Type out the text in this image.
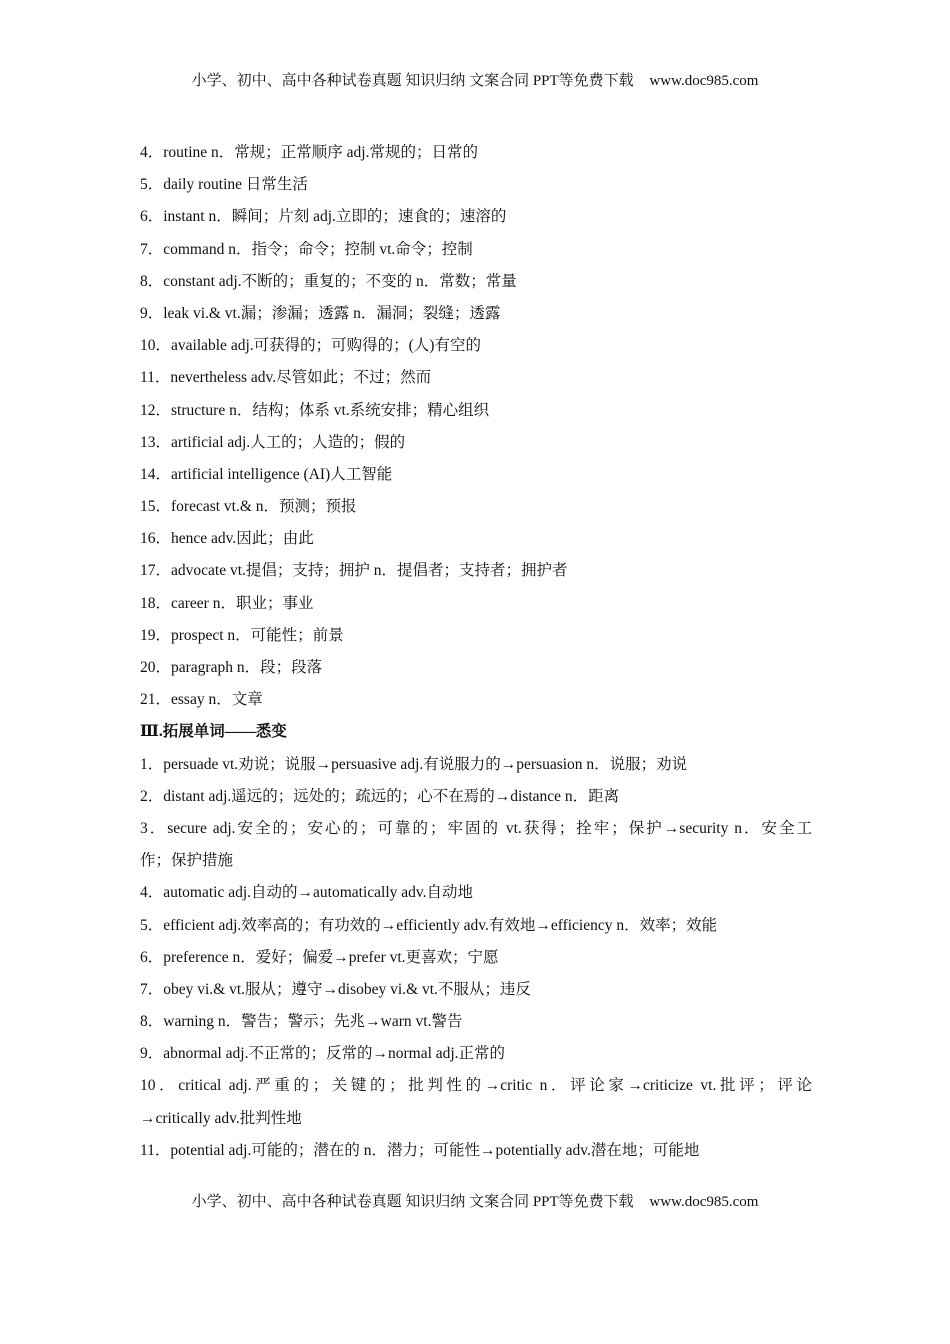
小学、初中、高中各种试卷真题 知识归纳 文案合同 PPT等免费下载 www.doc985.com
4．routine n．常规；正常顺序 adj.常规的；日常的
5．daily routine 日常生活
6．instant n．瞬间；片刻 adj.立即的；速食的；速溶的
7．command n．指令；命令；控制 vt.命令；控制
8．constant adj.不断的；重复的；不变的 n．常数；常量
9．leak vi.& vt.漏；渗漏；透露 n．漏洞；裂缝；透露
10．available adj.可获得的；可购得的；(人)有空的
11．nevertheless adv.尽管如此；不过；然而
12．structure n．结构；体系 vt.系统安排；精心组织
13．artificial adj.人工的；人造的；假的
14．artificial intelligence (AI)人工智能
15．forecast vt.& n．预测；预报
16．hence adv.因此；由此
17．advocate vt.提倡；支持；拥护 n．提倡者；支持者；拥护者
18．career n．职业；事业
19．prospect n．可能性；前景
20．paragraph n．段；段落
21．essay n．文章
Ⅲ.拓展单词——悉变
1．persuade vt.劝说；说服→persuasive adj.有说服力的→persuasion n．说服；劝说
2．distant adj.遥远的；远处的；疏远的；心不在焉的→distance n．距离
3．secure adj.安全的；安心的；可靠的；牢固的 vt.获得；拴牢；保护→security n．安全工
作；保护措施
4．automatic adj.自动的→automatically adv.自动地
5．efficient adj.效率高的；有功效的→efficiently adv.有效地→efficiency n．效率；效能
6．preference n．爱好；偏爱→prefer vt.更喜欢；宁愿
7．obey vi.& vt.服从；遵守→disobey vi.& vt.不服从；违反
8．warning n．警告；警示；先兆→warn vt.警告
9．abnormal adj.不正常的；反常的→normal adj.正常的
10．critical adj.严重的；关键的；批判性的→critic n．评论家→criticize vt.批评；评论
→critically adv.批判性地
11．potential adj.可能的；潜在的 n．潜力；可能性→potentially adv.潜在地；可能地
小学、初中、高中各种试卷真题 知识归纳 文案合同 PPT等免费下载 www.doc985.com
